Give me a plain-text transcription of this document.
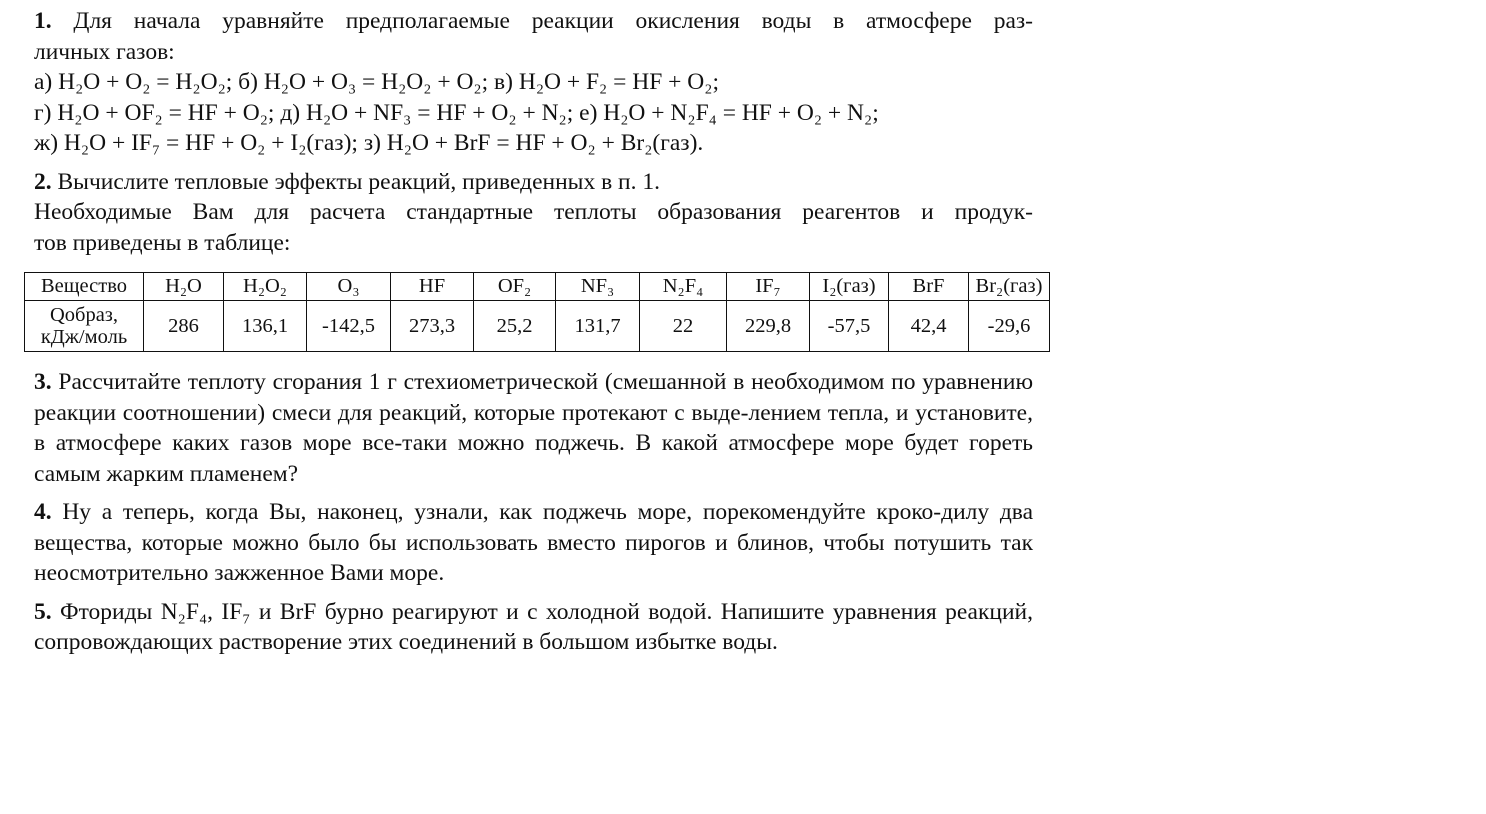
1. Для начала уравняйте предполагаемые реакции окисления воды в атмосфере раз-
личных газов:
а) H₂O + O₂ = H₂O₂; б) H₂O + O₃ = H₂O₂ + O₂; в) H₂O + F₂ = HF + O₂;
г) H₂O + OF₂ = HF + O₂; д) H₂O + NF₃ = HF + O₂ + N₂; е) H₂O + N₂F₄ = HF + O₂ + N₂;
ж) H₂O + IF₇ = HF + O₂ + I₂(газ); з) H₂O + BrF = HF + O₂ + Br₂(газ).
2. Вычислите тепловые эффекты реакций, приведенных в п. 1.
Необходимые Вам для расчета стандартные теплоты образования реагентов и продук-
тов приведены в таблице:
Вещество	H₂O	H₂O₂	O₃	HF	OF₂	NF₃	N₂F₄	IF₇	I₂(газ)	BrF	Br₂(газ)
Qобраз, кДж/моль	286	136,1	-142,5	273,3	25,2	131,7	22	229,8	-57,5	42,4	-29,6

3. Рассчитайте теплоту сгорания 1 г стехиометрической (смешанной в необходимом по уравнению реакции соотношении) смеси для реакций, которые протекают с выде-лением тепла, и установите, в атмосфере каких газов море все-таки можно поджечь. В какой атмосфере море будет гореть самым жарким пламенем?

4. Ну а теперь, когда Вы, наконец, узнали, как поджечь море, порекомендуйте кроко-дилу два вещества, которые можно было бы использовать вместо пирогов и блинов, чтобы потушить так неосмотрительно зажженное Вами море.

5. Фториды N₂F₄, IF₇ и BrF бурно реагируют и с холодной водой. Напишите уравнения реакций, сопровождающих растворение этих соединений в большом избытке воды.
